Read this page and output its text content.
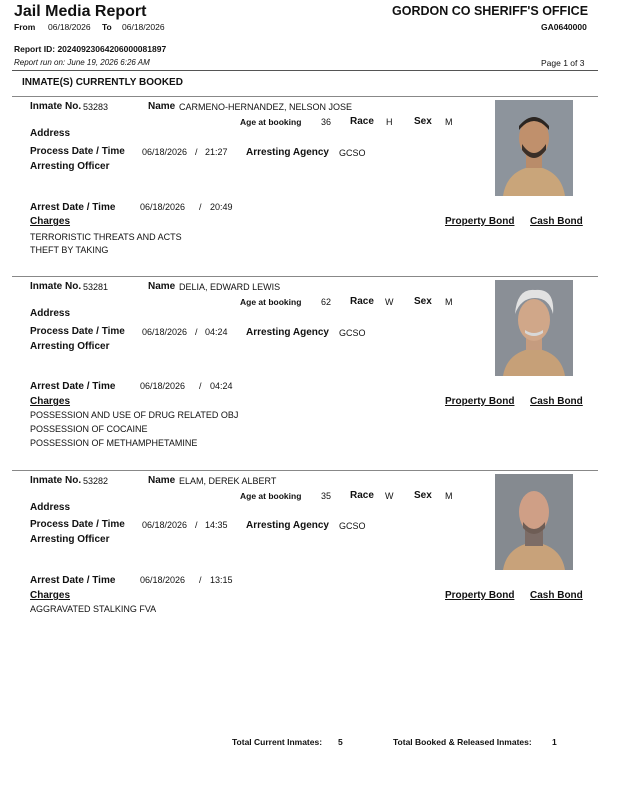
Jail Media Report	GORDON CO SHERIFF'S OFFICE
GA0640000
From 06/18/2026 To 06/18/2026
Report ID: 20240923064206000081897
Report run on: June 19, 2026 6:26 AM	Page 1 of 3
INMATE(S) CURRENTLY BOOKED
Inmate No. 53283	Name CARMENO-HERNANDEZ, NELSON JOSE
Age at booking 36 Race H Sex M
Address
Process Date / Time 06/18/2026 / 21:27 Arresting Agency GCSO
Arresting Officer
Arrest Date / Time	06/18/2026 / 20:49
Charges	Property Bond Cash Bond
TERRORISTIC THREATS AND ACTS
THEFT BY TAKING
Inmate No. 53281	Name DELIA, EDWARD LEWIS
Age at booking 62 Race W Sex M
Address
Process Date / Time 06/18/2026 / 04:24 Arresting Agency GCSO
Arresting Officer
Arrest Date / Time	06/18/2026 / 04:24
Charges	Property Bond Cash Bond
POSSESSION AND USE OF DRUG RELATED OBJ
POSSESSION OF COCAINE
POSSESSION OF METHAMPHETAMINE
Inmate No. 53282	Name ELAM, DEREK ALBERT
Age at booking 35 Race W Sex M
Address
Process Date / Time 06/18/2026 / 14:35 Arresting Agency GCSO
Arresting Officer
Arrest Date / Time	06/18/2026 / 13:15
Charges	Property Bond Cash Bond
AGGRAVATED STALKING FVA
Total Current Inmates: 5	Total Booked & Released Inmates: 1
